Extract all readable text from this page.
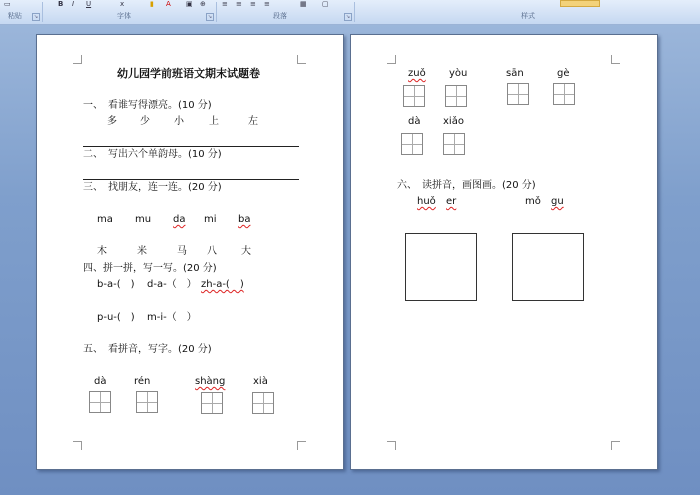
▭	B I U	x	▮ A ▣ ⊕ ≡ ≡ ≡ ≡	▦ ▢
粘贴	↘	字体	↘	段落	↘	样式
幼儿园学前班语文期末试题卷
一、　看谁写得漂亮。(10 分)
多 少 小	上	左
二、　写出六个单韵母。(10 分)
三、　找朋友，连一连。(20 分)
ma mu da mi ba
木	米	马 八 大
四、拼一拼，写一写。(20 分)
b-a-(　) d-a-（　） zh-a-(　)
p-u-(　) m-i-（　）
五、　看拼音，写字。(20 分)
dà	rén	shàng	xià
zuǒ yòu	sān	gè
dà xiǎo
六、　读拼音，画图画。(20 分)
huǒ er	mǒ gu
